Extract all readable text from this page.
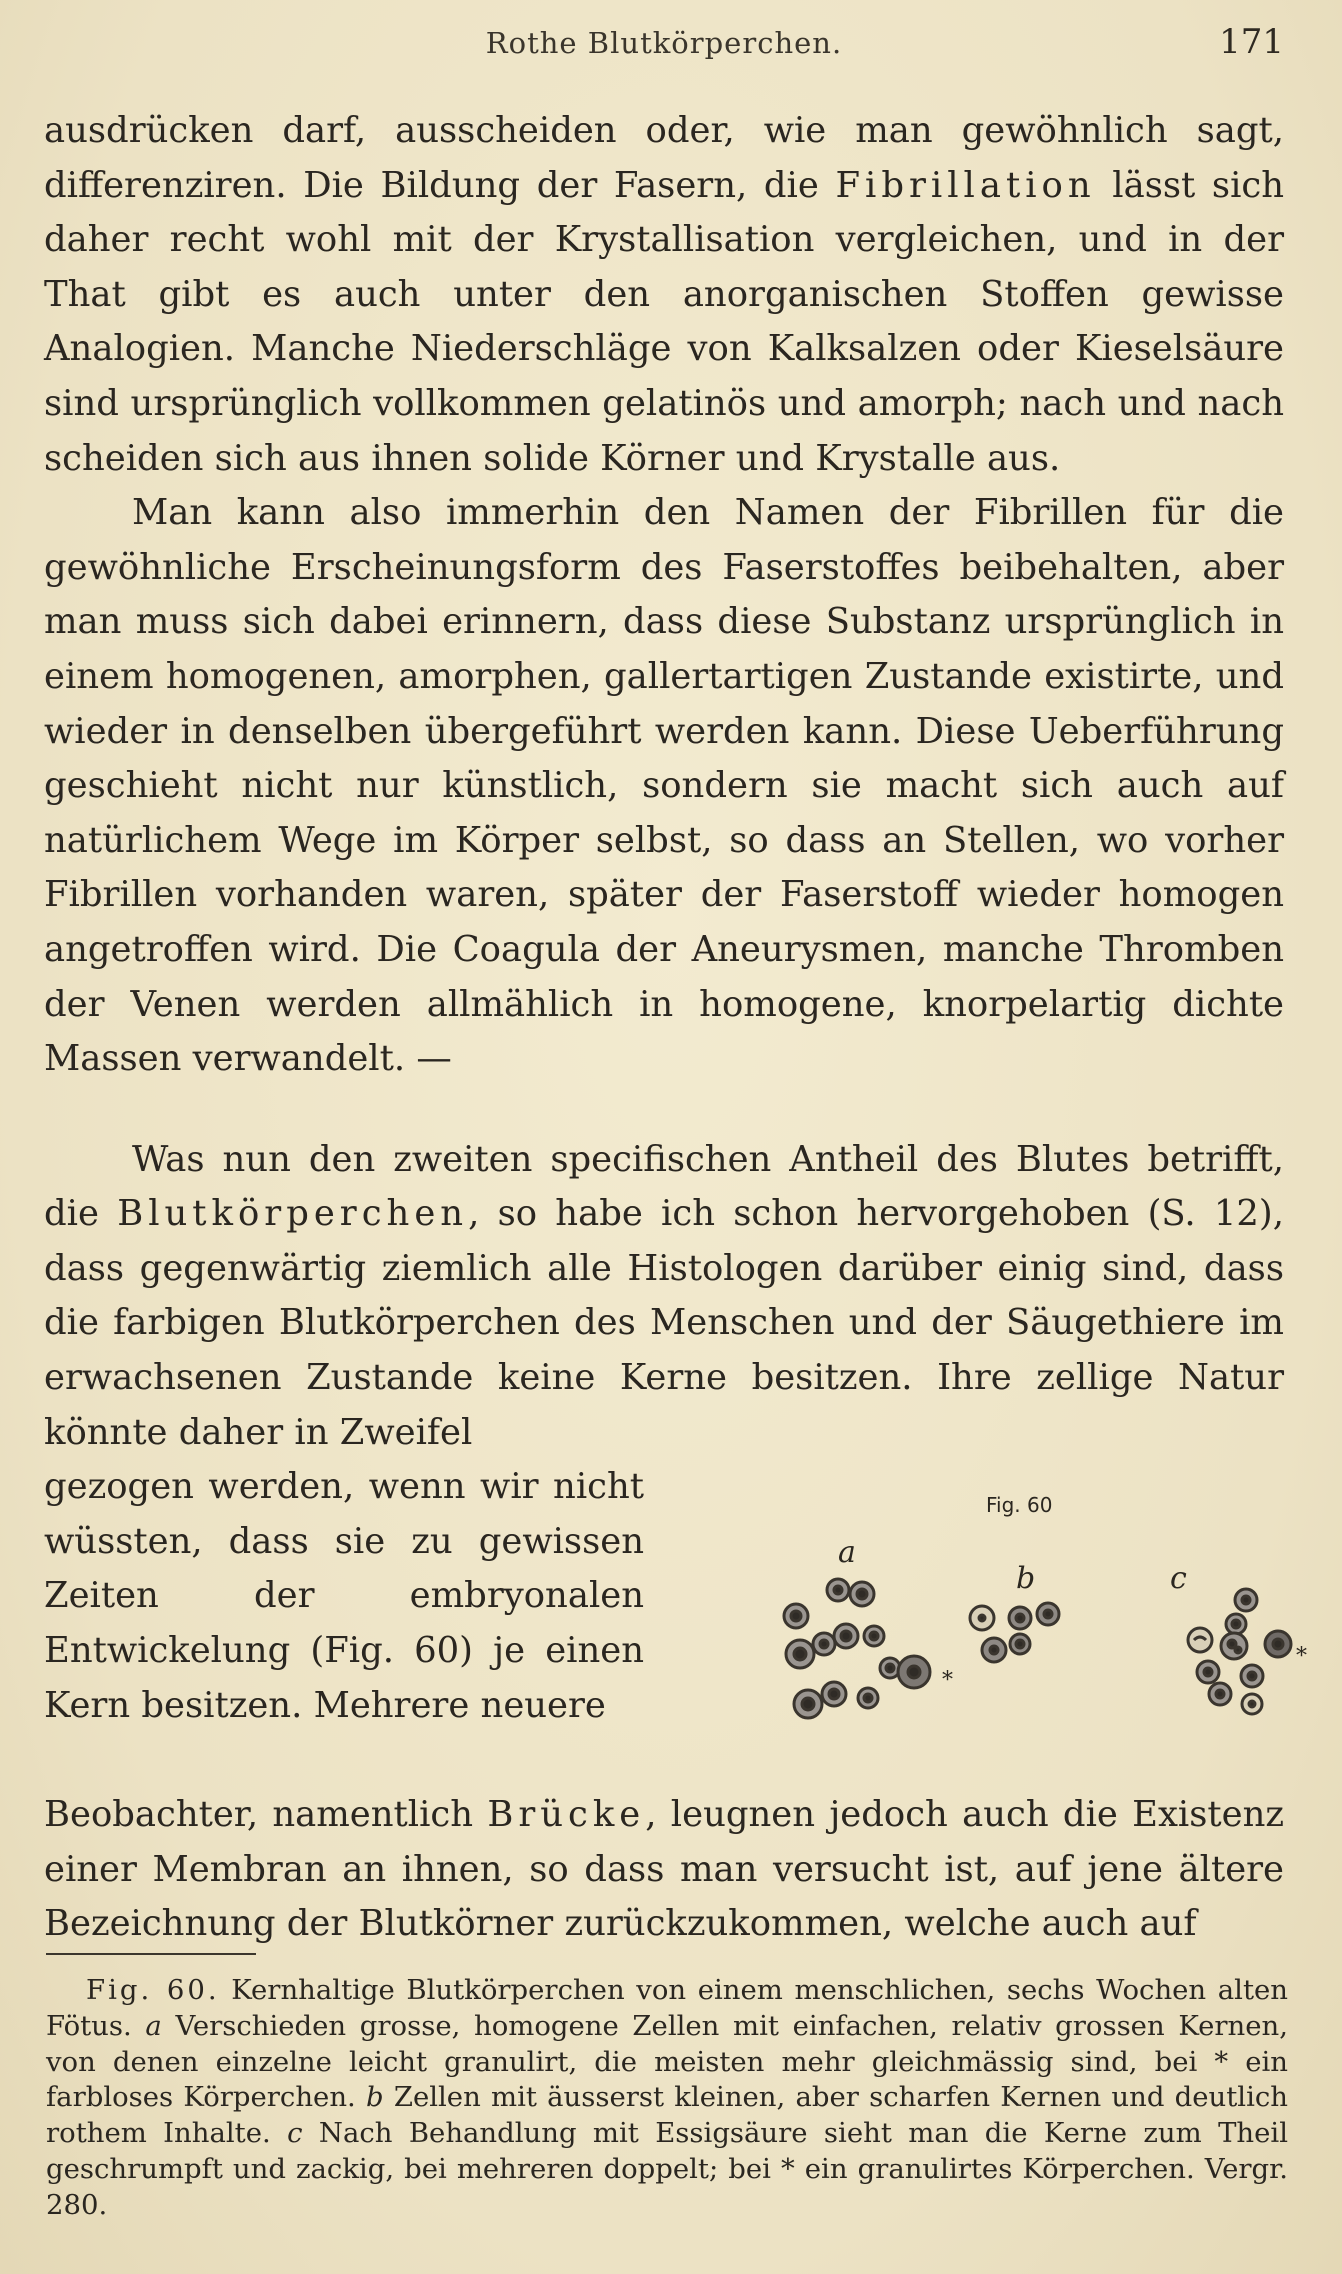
Rothe Blutkörperchen.	171

ausdrücken darf, ausscheiden oder, wie man gewöhnlich sagt, differenziren. Die Bildung der Fasern, die Fibrillation lässt sich daher recht wohl mit der Krystallisation vergleichen, und in der That gibt es auch unter den anorganischen Stoffen gewisse Analogien. Manche Niederschläge von Kalksalzen oder Kieselsäure sind ursprünglich vollkommen gelatinös und amorph; nach und nach scheiden sich aus ihnen solide Körner und Krystalle aus.

Man kann also immerhin den Namen der Fibrillen für die gewöhnliche Erscheinungsform des Faserstoffes beibehalten, aber man muss sich dabei erinnern, dass diese Substanz ursprünglich in einem homogenen, amorphen, gallertartigen Zustande existirte, und wieder in denselben übergeführt werden kann. Diese Ueberführung geschieht nicht nur künstlich, sondern sie macht sich auch auf natürlichem Wege im Körper selbst, so dass an Stellen, wo vorher Fibrillen vorhanden waren, später der Faserstoff wieder homogen angetroffen wird. Die Coagula der Aneurysmen, manche Thromben der Venen werden allmählich in homogene, knorpelartig dichte Massen verwandelt. —

Was nun den zweiten specifischen Antheil des Blutes betrifft, die Blutkörperchen, so habe ich schon hervorgehoben (S. 12), dass gegenwärtig ziemlich alle Histologen darüber einig sind, dass die farbigen Blutkörperchen des Menschen und der Säugethiere im erwachsenen Zustande keine Kerne besitzen. Ihre zellige Natur könnte daher in Zweifel

gezogen werden, wenn wir nicht wüssten, dass sie zu gewissen Zeiten der embryonalen Entwickelung (Fig. 60) je einen Kern besitzen. Mehrere neuere

Fig. 60
a
b	c
*
*

Beobachter, namentlich Brücke, leugnen jedoch auch die Existenz einer Membran an ihnen, so dass man versucht ist, auf jene ältere Bezeichnung der Blutkörner zurückzukommen, welche auch auf

Fig. 60. Kernhaltige Blutkörperchen von einem menschlichen, sechs Wochen alten Fötus. a Verschieden grosse, homogene Zellen mit einfachen, relativ grossen Kernen, von denen einzelne leicht granulirt, die meisten mehr gleichmässig sind, bei * ein farbloses Körperchen. b Zellen mit äusserst kleinen, aber scharfen Kernen und deutlich rothem Inhalte. c Nach Behandlung mit Essigsäure sieht man die Kerne zum Theil geschrumpft und zackig, bei mehreren doppelt; bei * ein granulirtes Körperchen. Vergr. 280.
